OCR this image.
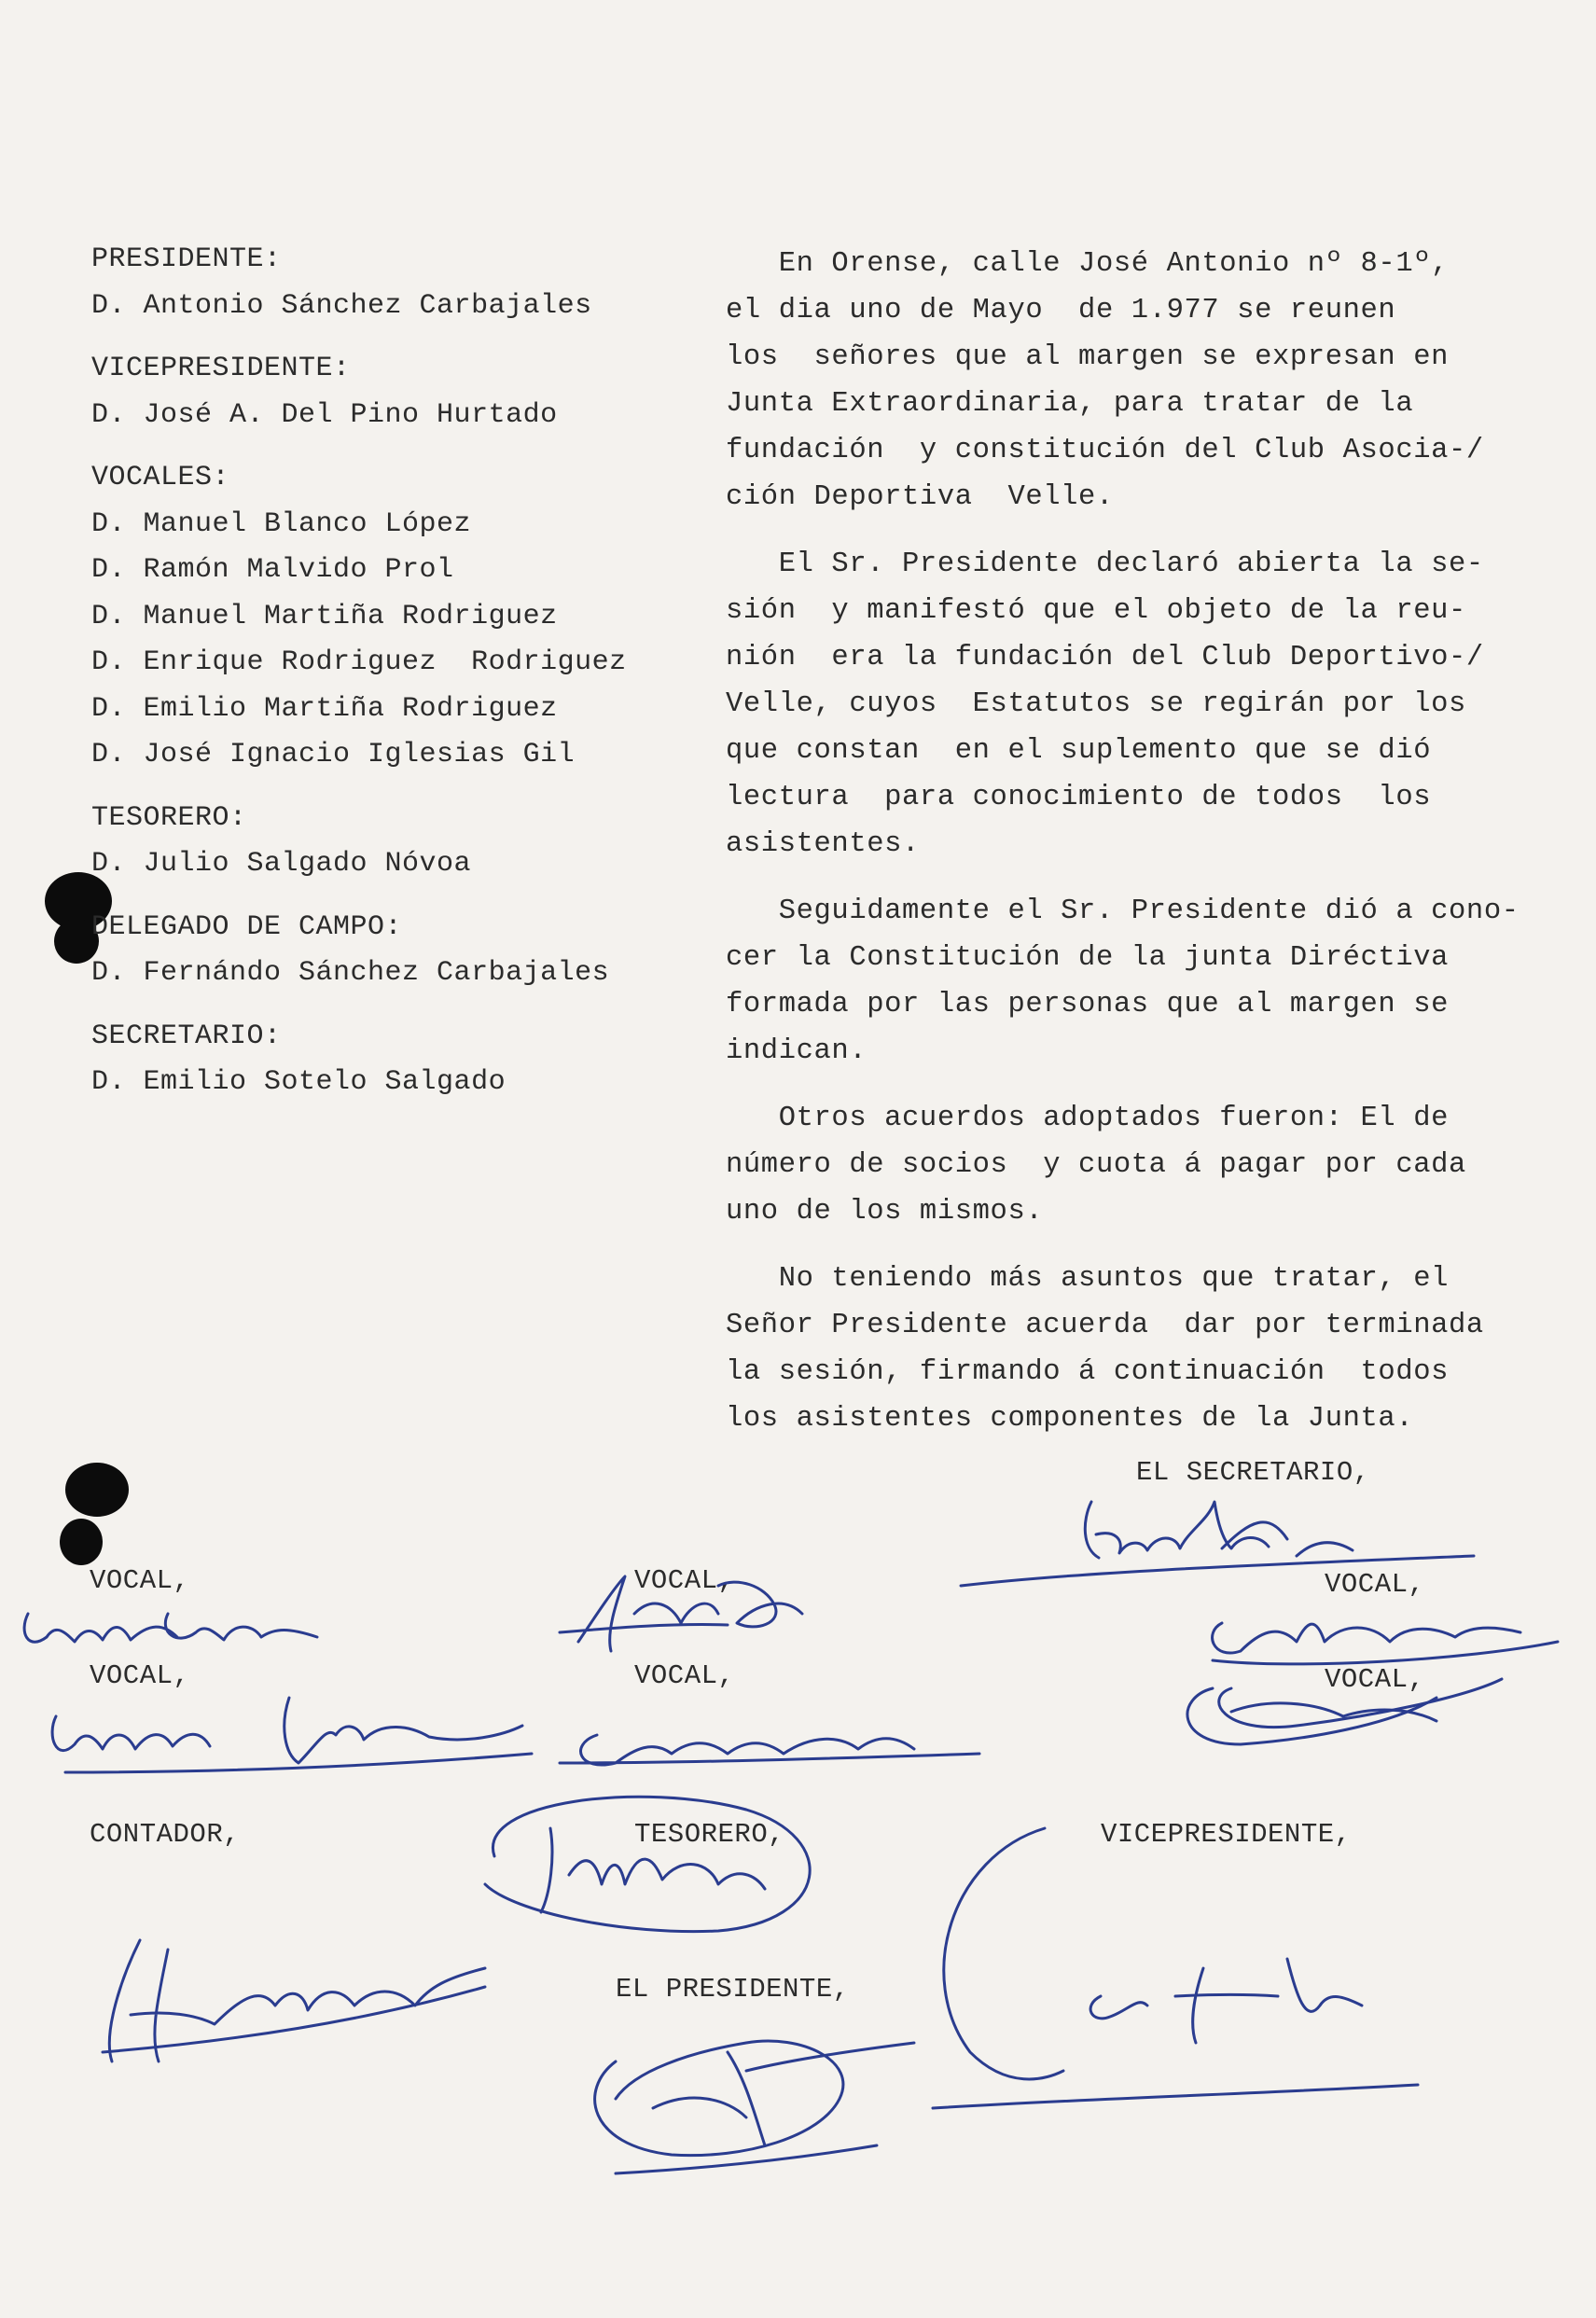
PRESIDENTE:
D. Antonio Sánchez Carbajales
VICEPRESIDENTE:
D. José A. Del Pino Hurtado
VOCALES:
D. Manuel Blanco López
D. Ramón Malvido Prol
D. Manuel Martiña Rodriguez
D. Enrique Rodriguez  Rodriguez
D. Emilio Martiña Rodriguez
D. José Ignacio Iglesias Gil
TESORERO:
D. Julio Salgado Nóvoa
DELEGADO DE CAMPO:
D. Fernándo Sánchez Carbajales
SECRETARIO:
D. Emilio Sotelo Salgado

En Orense, calle José Antonio nº 8-1º,
el dia uno de Mayo  de 1.977 se reunen
los  señores que al margen se expresan en
Junta Extraordinaria, para tratar de la
fundación  y constitución del Club Asocia-/
ción Deportiva  Velle.

El Sr. Presidente declaró abierta la se-
sión  y manifestó que el objeto de la reu-
nión  era la fundación del Club Deportivo-/
Velle, cuyos  Estatutos se regirán por los
que constan  en el suplemento que se dió
lectura  para conocimiento de todos  los
asistentes.

Seguidamente el Sr. Presidente dió a cono-
cer la Constitución de la junta Diréctiva
formada por las personas que al margen se
indican.

Otros acuerdos adoptados fueron: El de
número de socios  y cuota á pagar por cada
uno de los mismos.

No teniendo más asuntos que tratar, el
Señor Presidente acuerda  dar por terminada
la sesión, firmando á continuación  todos
los asistentes componentes de la Junta.

EL SECRETARIO,
VOCAL,	VOCAL,	VOCAL,
VOCAL,	VOCAL,	VOCAL,
CONTADOR,	TESORERO,	VICEPRESIDENTE,
EL PRESIDENTE,
